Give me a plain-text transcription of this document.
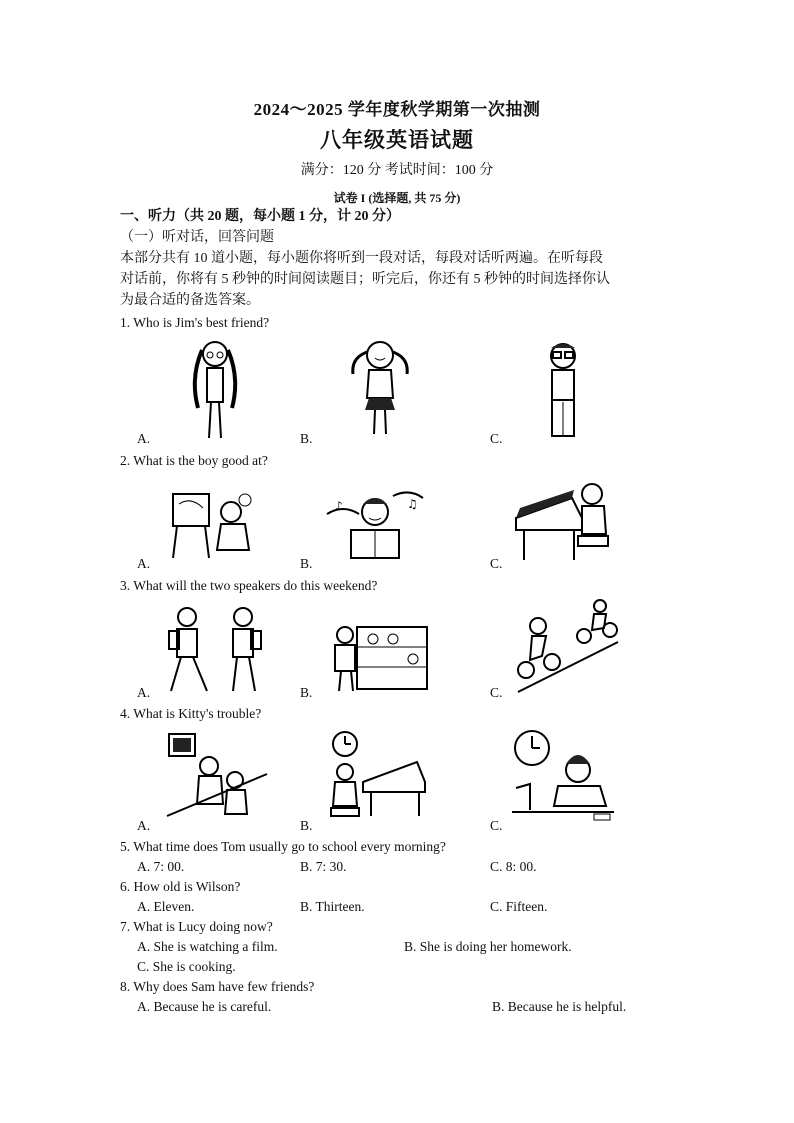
2024～2025 学年度秋学期第一次抽测
八年级英语试题
满分：120 分 考试时间：100 分
试卷 I (选择题, 共 75 分)
一、听力（共 20 题，每小题 1 分，计 20 分）
（一）听对话，回答问题
本部分共有 10 道小题，每小题你将听到一段对话，每段对话听两遍。在听每段
对话前，你将有 5 秒钟的时间阅读题目；听完后，你还有 5 秒钟的时间选择你认
为最合适的备选答案。
1. Who is Jim's best friend?
A.	B.	C.
2. What is the boy good at?
♪	♫
A.	B.	C.
3. What will the two speakers do this weekend?
A.	B.	C.
4. What is Kitty's trouble?
A.	B.	C.
5. What time does Tom usually go to school every morning?
A. 7: 00.	B. 7: 30.	C. 8: 00.
6. How old is Wilson?
A. Eleven.	B. Thirteen.	C. Fifteen.
7. What is Lucy doing now?
A. She is watching a film.	B. She is doing her homework.
C. She is cooking.
8. Why does Sam have few friends?
A. Because he is careful.	B. Because he is helpful.
